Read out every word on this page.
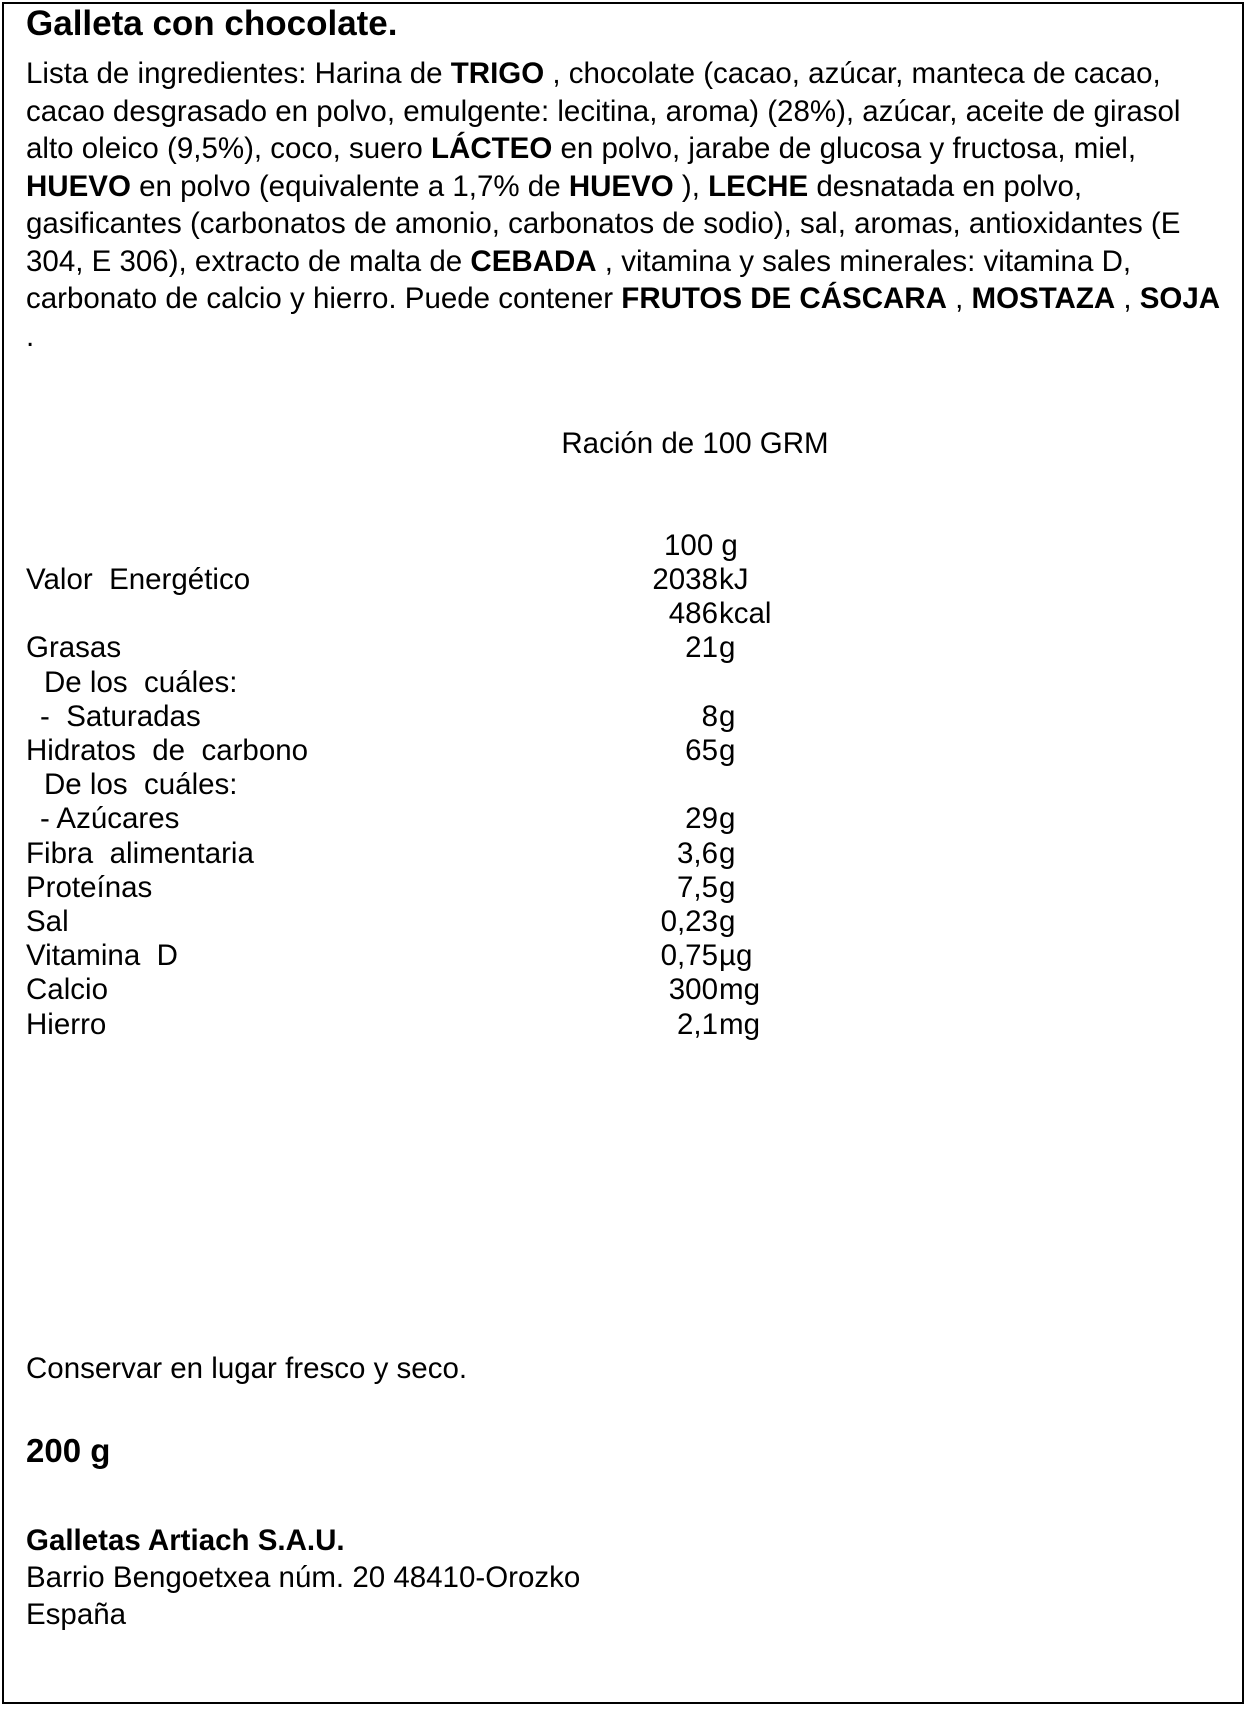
Galleta con chocolate.

Lista de ingredientes: Harina de TRIGO , chocolate (cacao, azúcar, manteca de cacao, cacao desgrasado en polvo, emulgente: lecitina, aroma) (28%), azúcar, aceite de girasol alto oleico (9,5%), coco, suero LÁCTEO en polvo, jarabe de glucosa y fructosa, miel, HUEVO en polvo (equivalente a 1,7% de HUEVO ), LECHE desnatada en polvo, gasificantes (carbonatos de amonio, carbonatos de sodio), sal, aromas, antioxidantes (E 304, E 306), extracto de malta de CEBADA , vitamina y sales minerales: vitamina D, carbonato de calcio y hierro. Puede contener FRUTOS DE CÁSCARA , MOSTAZA , SOJA .

Ración de 100 GRM
100 g
Valor  Energético	2038 kJ
486 kcal
Grasas	21 g
De los  cuáles:
-  Saturadas	8 g
Hidratos  de  carbono	65 g
De los  cuáles:
- Azúcares	29 g
Fibra  alimentaria	3,6 g
Proteínas	7,5 g
Sal	0,23 g
Vitamina  D	0,75 µg
Calcio	300 mg
Hierro	2,1 mg
Conservar en lugar fresco y seco.
200 g
Galletas Artiach S.A.U.
Barrio Bengoetxea núm. 20 48410-Orozko
España
